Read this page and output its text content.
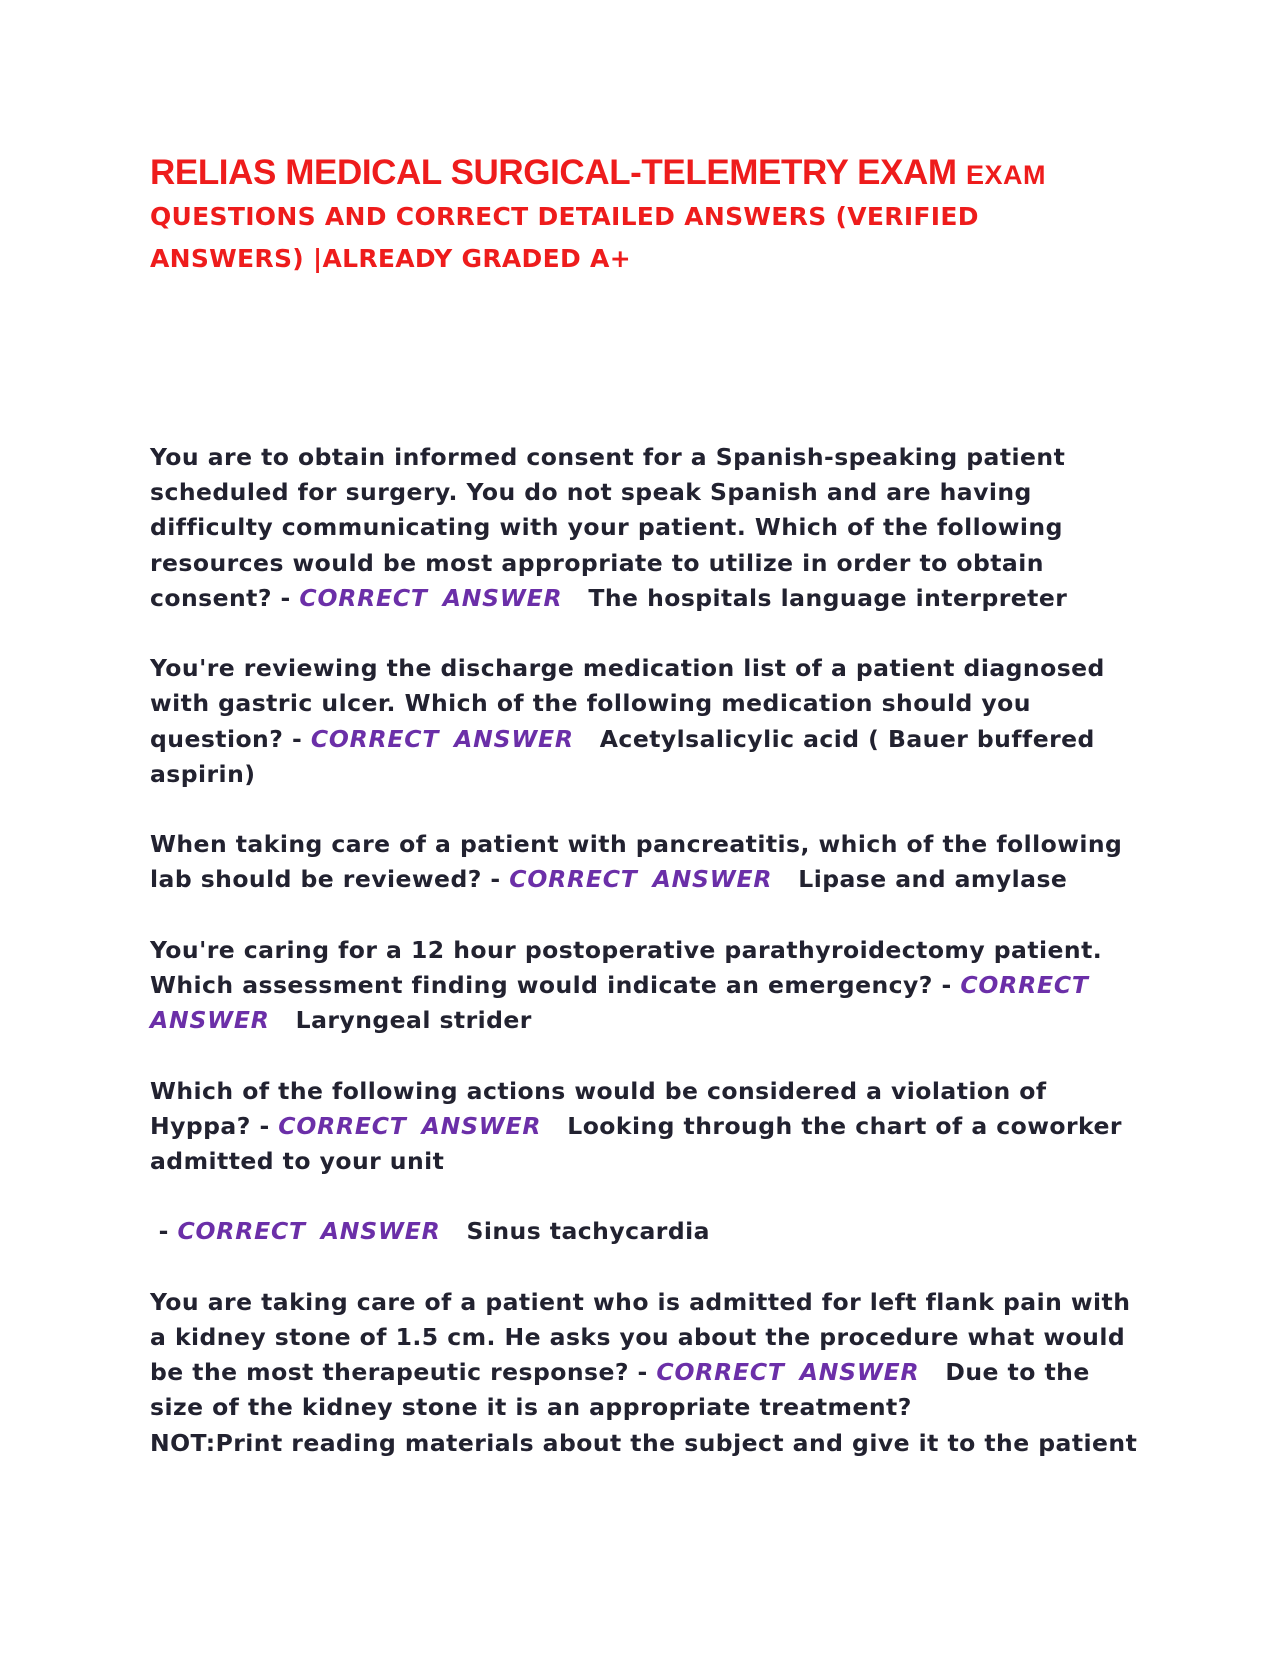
RELIAS MEDICAL SURGICAL-TELEMETRY EXAM EXAM
QUESTIONS AND CORRECT DETAILED ANSWERS (VERIFIED ANSWERS) |ALREADY GRADED A+
You are to obtain informed consent for a Spanish-speaking patient scheduled for surgery. You do not speak Spanish and are having difficulty communicating with your patient. Which of the following resources would be most appropriate to utilize in order to obtain consent? - CORRECT ANSWER The hospitals language interpreter
You're reviewing the discharge medication list of a patient diagnosed with gastric ulcer. Which of the following medication should you question? - CORRECT ANSWER Acetylsalicylic acid ( Bauer buffered aspirin)
When taking care of a patient with pancreatitis, which of the following lab should be reviewed? - CORRECT ANSWER Lipase and amylase
You're caring for a 12 hour postoperative parathyroidectomy patient. Which assessment finding would indicate an emergency? - CORRECT ANSWER Laryngeal strider
Which of the following actions would be considered a violation of Hyppa? - CORRECT ANSWER Looking through the chart of a coworker admitted to your unit
- CORRECT ANSWER Sinus tachycardia
You are taking care of a patient who is admitted for left flank pain with a kidney stone of 1.5 cm. He asks you about the procedure what would be the most therapeutic response? - CORRECT ANSWER Due to the size of the kidney stone it is an appropriate treatment?
NOT:Print reading materials about the subject and give it to the patient
